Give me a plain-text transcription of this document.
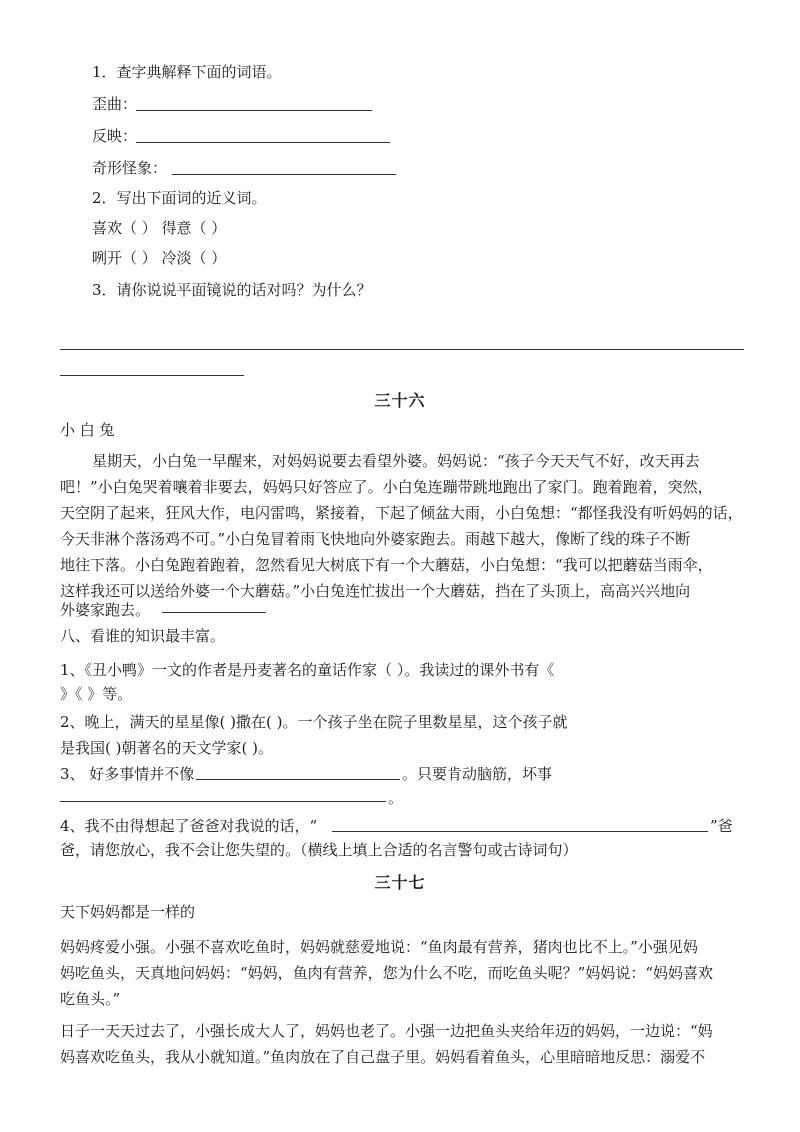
1．查字典解释下面的词语。
歪曲：
反映：
奇形怪象：
2．写出下面词的近义词。
喜欢（ ） 得意（ ）
咧开（ ） 冷淡（ ）
3．请你说说平面镜说的话对吗？为什么？
三十六
小 白 兔
星期天，小白兔一早醒来，对妈妈说要去看望外婆。妈妈说：“孩子今天天气不好，改天再去
吧！”小白兔哭着嚷着非要去，妈妈只好答应了。小白兔连蹦带跳地跑出了家门。跑着跑着，突然，
天空阴了起来，狂风大作，电闪雷鸣，紧接着，下起了倾盆大雨，小白兔想：“都怪我没有听妈妈的话，
今天非淋个落汤鸡不可。”小白兔冒着雨飞快地向外婆家跑去。雨越下越大，像断了线的珠子不断
地往下落。小白兔跑着跑着，忽然看见大树底下有一个大蘑菇，小白兔想：“我可以把蘑菇当雨伞，
这样我还可以送给外婆一个大蘑菇。”小白兔连忙拔出一个大蘑菇，挡在了头顶上，高高兴兴地向
外婆家跑去。
八、看谁的知识最丰富。
1、《丑小鸭》一文的作者是丹麦著名的童话作家（ ）。我读过的课外书有《
》《 》等。
2、晚上，满天的星星像( )撒在( )。一个孩子坐在院子里数星星，这个孩子就
是我国( )朝著名的天文学家( )。
3、 好多事情并不像	。只要肯动脑筋，坏事
。
4、我不由得想起了爸爸对我说的话，“	”爸
爸，请您放心，我不会让您失望的。（横线上填上合适的名言警句或古诗词句）
三十七
天下妈妈都是一样的
妈妈疼爱小强。小强不喜欢吃鱼时，妈妈就慈爱地说：“鱼肉最有营养，猪肉也比不上。”小强见妈
妈吃鱼头，天真地问妈妈：“妈妈，鱼肉有营养，您为什么不吃，而吃鱼头呢？”妈妈说：“妈妈喜欢
吃鱼头。”
日子一天天过去了，小强长成大人了，妈妈也老了。小强一边把鱼头夹给年迈的妈妈，一边说：“妈
妈喜欢吃鱼头，我从小就知道。”鱼肉放在了自己盘子里。妈妈看着鱼头，心里暗暗地反思：溺爱不
